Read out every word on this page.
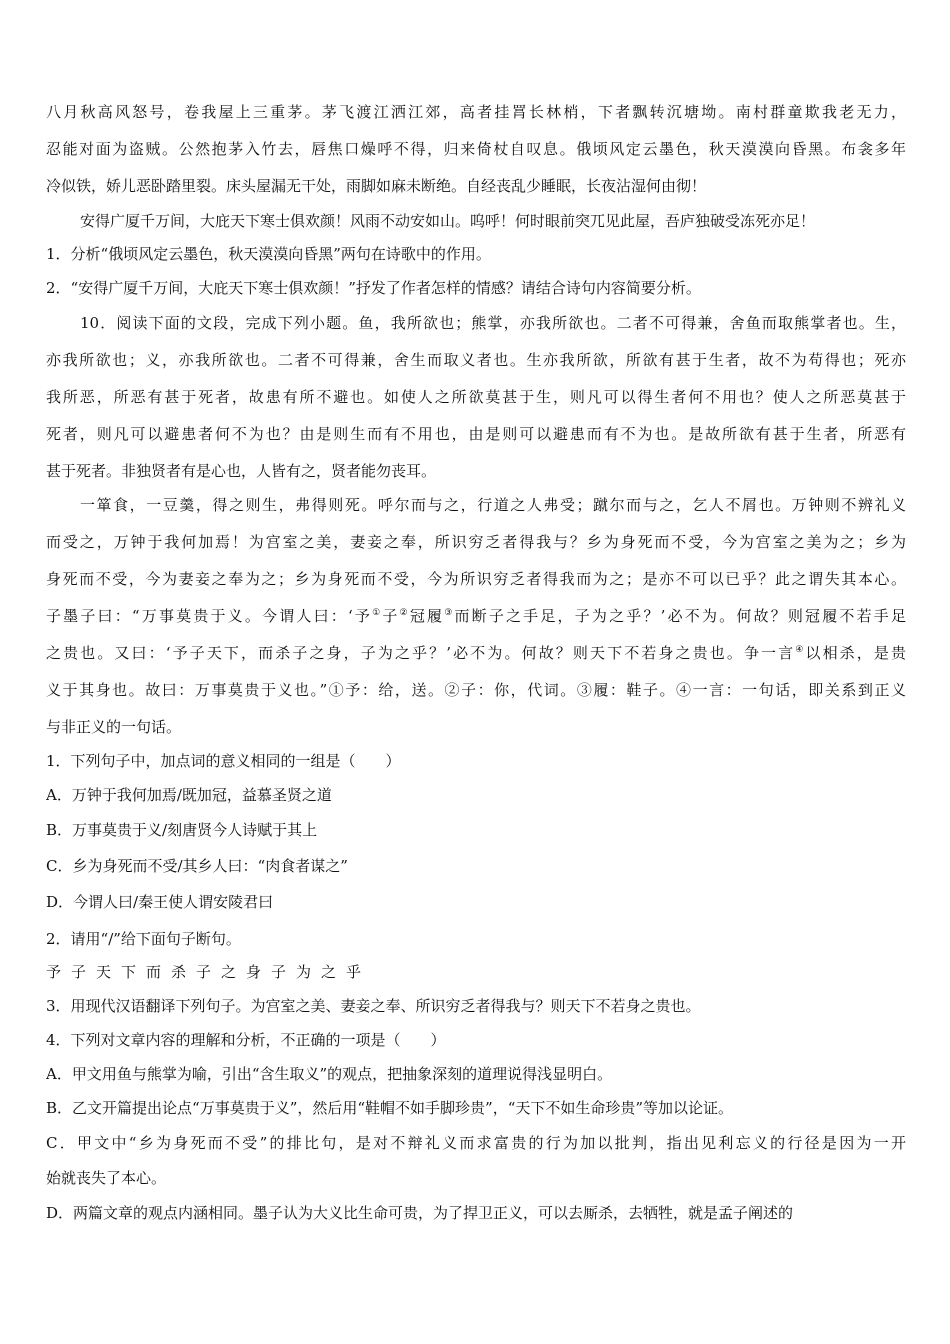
八月秋高风怒号，卷我屋上三重茅。茅飞渡江洒江郊，高者挂罥长林梢，下者飘转沉塘坳。南村群童欺我老无力，
忍能对面为盗贼。公然抱茅入竹去，唇焦口燥呼不得，归来倚杖自叹息。俄顷风定云墨色，秋天漠漠向昏黑。布衾多年
冷似铁，娇儿恶卧踏里裂。床头屋漏无干处，雨脚如麻未断绝。自经丧乱少睡眠，长夜沾湿何由彻！
安得广厦千万间，大庇天下寒士俱欢颜！风雨不动安如山。呜呼！何时眼前突兀见此屋，吾庐独破受冻死亦足！
1．分析“俄顷风定云墨色，秋天漠漠向昏黑”两句在诗歌中的作用。
2．“安得广厦千万间，大庇天下寒士俱欢颜！”抒发了作者怎样的情感？请结合诗句内容简要分析。
10．阅读下面的文段，完成下列小题。鱼，我所欲也；熊掌，亦我所欲也。二者不可得兼，舍鱼而取熊掌者也。生，
亦我所欲也；义，亦我所欲也。二者不可得兼，舍生而取义者也。生亦我所欲，所欲有甚于生者，故不为苟得也；死亦
我所恶，所恶有甚于死者，故患有所不避也。如使人之所欲莫甚于生，则凡可以得生者何不用也？使人之所恶莫甚于
死者，则凡可以避患者何不为也？由是则生而有不用也，由是则可以避患而有不为也。是故所欲有甚于生者，所恶有
甚于死者。非独贤者有是心也，人皆有之，贤者能勿丧耳。
一箪食，一豆羹，得之则生，弗得则死。呼尔而与之，行道之人弗受；蹴尔而与之，乞人不屑也。万钟则不辨礼义
而受之，万钟于我何加焉！为宫室之美，妻妾之奉，所识穷乏者得我与？乡为身死而不受，今为宫室之美为之；乡为
身死而不受，今为妻妾之奉为之；乡为身死而不受，今为所识穷乏者得我而为之；是亦不可以已乎？此之谓失其本心。
子墨子曰：“万事莫贵于义。今谓人曰：‘予①子②冠履③而断子之手足，子为之乎？’必不为。何故？则冠履不若手足
之贵也。又曰：‘予子天下，而杀子之身，子为之乎？’必不为。何故？则天下不若身之贵也。争一言④以相杀，是贵
义于其身也。故曰：万事莫贵于义也。”①予：给，送。②子：你，代词。③履：鞋子。④一言：一句话，即关系到正义
与非正义的一句话。
1．下列句子中，加点词的意义相同的一组是（　　）
A．万钟于我何加焉/既加冠，益慕圣贤之道
B．万事莫贵于义/刻唐贤今人诗赋于其上
C．乡为身死而不受/其乡人曰：“肉食者谋之”
D．今谓人曰/秦王使人谓安陵君曰
2．请用“/”给下面句子断句。
予子天下而杀子之身子为之乎
3．用现代汉语翻译下列句子。为宫室之美、妻妾之奉、所识穷乏者得我与？则天下不若身之贵也。
4．下列对文章内容的理解和分析，不正确的一项是（　　）
A．甲文用鱼与熊掌为喻，引出“含生取义”的观点，把抽象深刻的道理说得浅显明白。
B．乙文开篇提出论点“万事莫贵于义”，然后用“鞋帽不如手脚珍贵”，“天下不如生命珍贵”等加以论证。
C．甲文中“乡为身死而不受”的排比句，是对不辩礼义而求富贵的行为加以批判，指出见利忘义的行径是因为一开
始就丧失了本心。
D．两篇文章的观点内涵相同。墨子认为大义比生命可贵，为了捍卫正义，可以去厮杀，去牺牲，就是孟子阐述的
